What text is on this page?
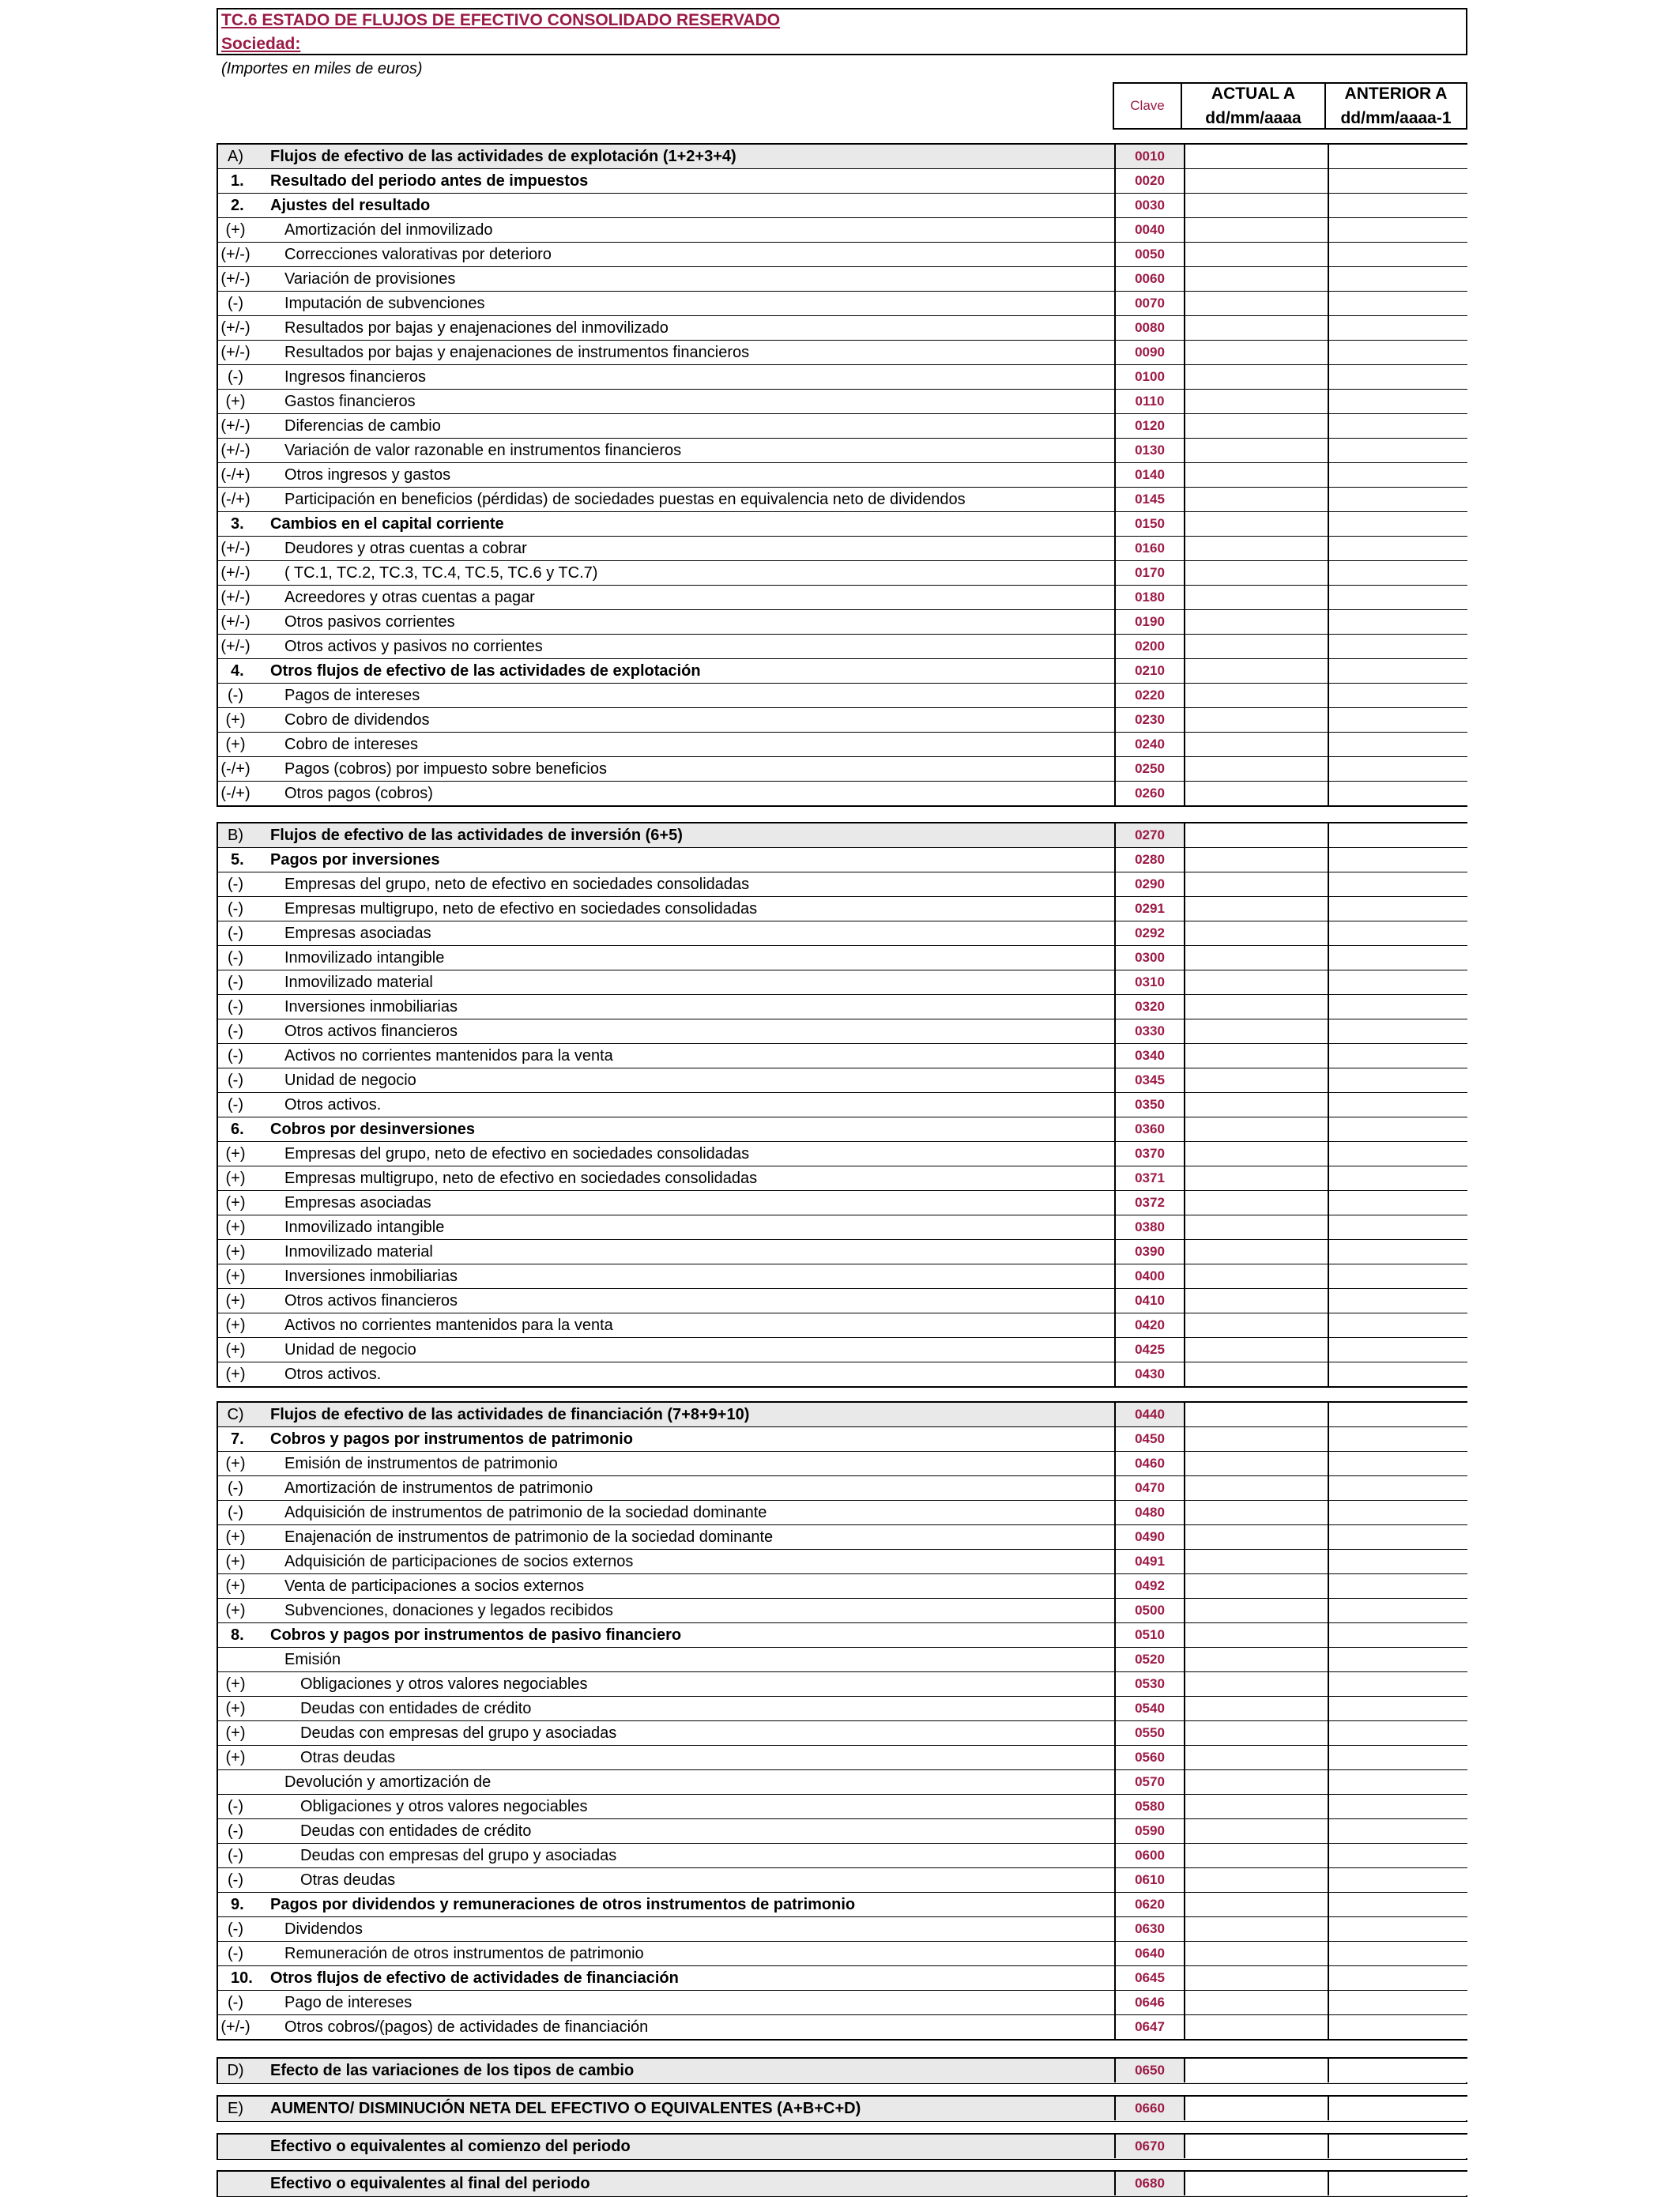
TC.6 ESTADO DE FLUJOS DE EFECTIVO CONSOLIDADO RESERVADO
Sociedad:
(Importes en miles de euros)
Clave
ACTUAL A
dd/mm/aaaa
ANTERIOR A
dd/mm/aaaa-1
A)	Flujos de efectivo de las actividades de explotación (1+2+3+4)	0010
1. Resultado del periodo antes de impuestos	0020
2. Ajustes del resultado	0030
(+)	Amortización del inmovilizado	0040
(+/-) Correcciones valorativas por deterioro	0050
(+/-) Variación de provisiones	0060
(-)	Imputación de subvenciones	0070
(+/-) Resultados por bajas y enajenaciones del inmovilizado	0080
(+/-) Resultados por bajas y enajenaciones de instrumentos financieros	0090
(-)	Ingresos financieros	0100
(+)	Gastos financieros	0110
(+/-) Diferencias de cambio	0120
(+/-) Variación de valor razonable en instrumentos financieros	0130
(-/+) Otros ingresos y gastos	0140
(-/+) Participación en beneficios (pérdidas) de sociedades puestas en equivalencia neto de dividendos	0145
3. Cambios en el capital corriente	0150
(+/-) Deudores y otras cuentas a cobrar	0160
(+/-) ( TC.1, TC.2, TC.3, TC.4, TC.5, TC.6 y TC.7)	0170
(+/-) Acreedores y otras cuentas a pagar	0180
(+/-) Otros pasivos corrientes	0190
(+/-) Otros activos y pasivos no corrientes	0200
4. Otros flujos de efectivo de las actividades de explotación	0210
(-)	Pagos de intereses	0220
(+)	Cobro de dividendos	0230
(+)	Cobro de intereses	0240
(-/+) Pagos (cobros) por impuesto sobre beneficios	0250
(-/+) Otros pagos (cobros)	0260
B)	Flujos de efectivo de las actividades de inversión (6+5)	0270
5. Pagos por inversiones	0280
(-)	Empresas del grupo, neto de efectivo en sociedades consolidadas	0290
(-)	Empresas multigrupo, neto de efectivo en sociedades consolidadas	0291
(-)	Empresas asociadas	0292
(-)	Inmovilizado intangible	0300
(-)	Inmovilizado material	0310
(-)	Inversiones inmobiliarias	0320
(-)	Otros activos financieros	0330
(-)	Activos no corrientes mantenidos para la venta	0340
(-)	Unidad de negocio	0345
(-)	Otros activos.	0350
6. Cobros por desinversiones	0360
(+)	Empresas del grupo, neto de efectivo en sociedades consolidadas	0370
(+)	Empresas multigrupo, neto de efectivo en sociedades consolidadas	0371
(+)	Empresas asociadas	0372
(+)	Inmovilizado intangible	0380
(+)	Inmovilizado material	0390
(+)	Inversiones inmobiliarias	0400
(+)	Otros activos financieros	0410
(+)	Activos no corrientes mantenidos para la venta	0420
(+)	Unidad de negocio	0425
(+)	Otros activos.	0430
C)	Flujos de efectivo de las actividades de financiación (7+8+9+10)	0440
7. Cobros y pagos por instrumentos de patrimonio	0450
(+)	Emisión de instrumentos de patrimonio	0460
(-)	Amortización de instrumentos de patrimonio	0470
(-)	Adquisición de instrumentos de patrimonio de la sociedad dominante	0480
(+)	Enajenación de instrumentos de patrimonio de la sociedad dominante	0490
(+)	Adquisición de participaciones de socios externos	0491
(+)	Venta de participaciones a socios externos	0492
(+)	Subvenciones, donaciones y legados recibidos	0500
8. Cobros y pagos por instrumentos de pasivo financiero	0510
Emisión	0520
(+)	Obligaciones y otros valores negociables	0530
(+)	Deudas con entidades de crédito	0540
(+)	Deudas con empresas del grupo y asociadas	0550
(+)	Otras deudas	0560
Devolución y amortización de	0570
(-)	Obligaciones y otros valores negociables	0580
(-)	Deudas con entidades de crédito	0590
(-)	Deudas con empresas del grupo y asociadas	0600
(-)	Otras deudas	0610
9. Pagos por dividendos y remuneraciones de otros instrumentos de patrimonio	0620
(-)	Dividendos	0630
(-)	Remuneración de otros instrumentos de patrimonio	0640
10. Otros flujos de efectivo de actividades de financiación	0645
(-)	Pago de intereses	0646
(+/-) Otros cobros/(pagos) de actividades de financiación	0647
D)	Efecto de las variaciones de los tipos de cambio	0650
E)	AUMENTO/ DISMINUCIÓN NETA DEL EFECTIVO O EQUIVALENTES (A+B+C+D)	0660
Efectivo o equivalentes al comienzo del periodo	0670
Efectivo o equivalentes al final del periodo	0680
